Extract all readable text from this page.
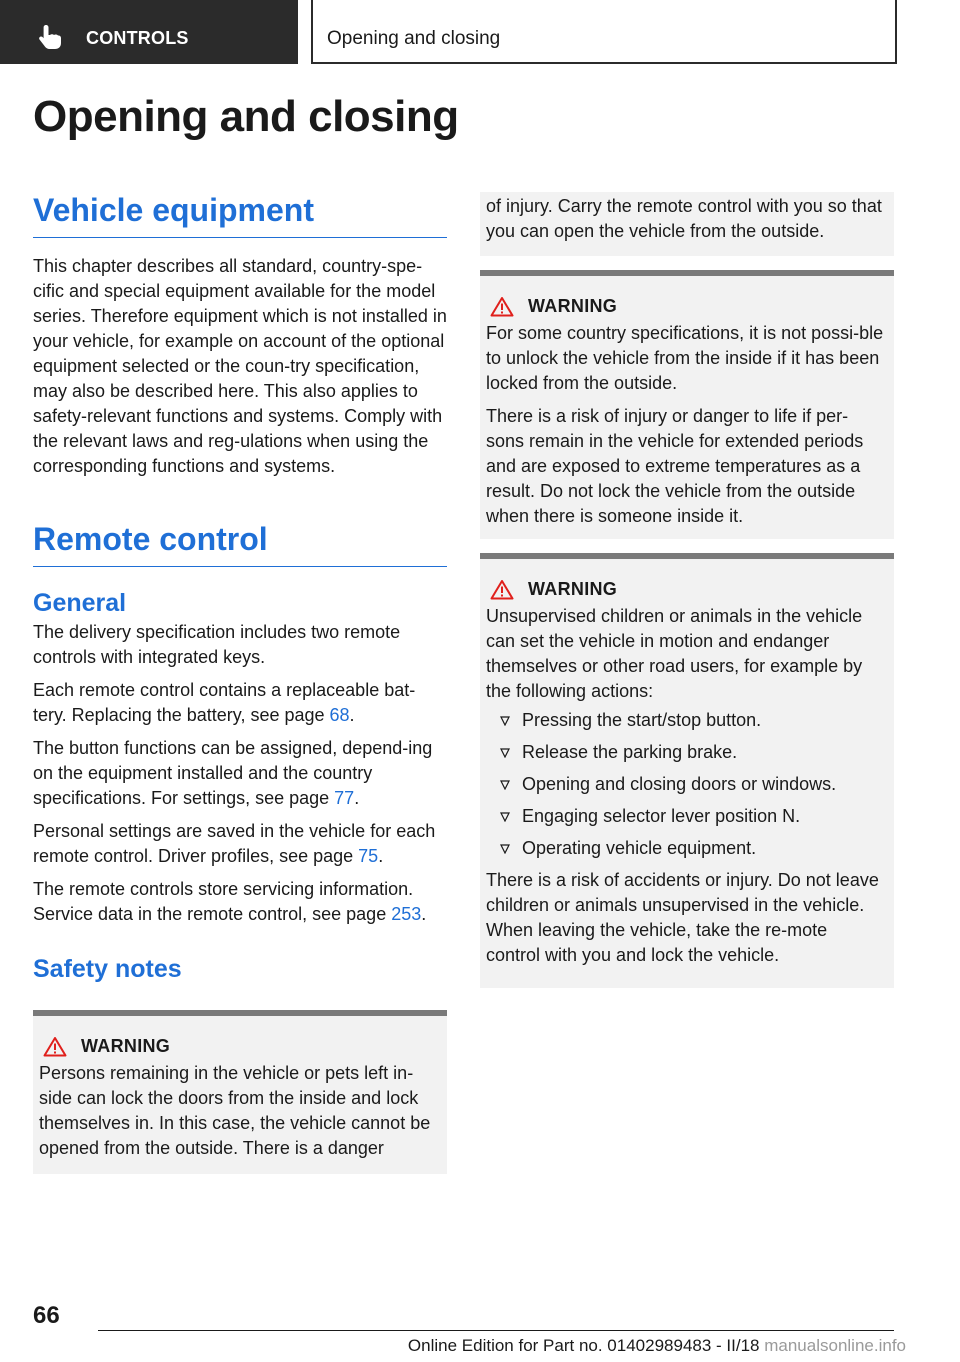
CONTROLS	Opening and closing
Opening and closing
Vehicle equipment

This chapter describes all standard, country-spe-cific and special equipment available for the model series. Therefore equipment which is not installed in your vehicle, for example on account of the optional equipment selected or the coun-try specification, may also be described here. This also applies to safety-relevant functions and systems. Comply with the relevant laws and reg-ulations when using the corresponding functions and systems.

Remote control
General

The delivery specification includes two remote controls with integrated keys.

Each remote control contains a replaceable bat-tery. Replacing the battery, see page 68.

The button functions can be assigned, depend-ing on the equipment installed and the country specifications. For settings, see page 77.

Personal settings are saved in the vehicle for each remote control. Driver profiles, see page 75.

The remote controls store servicing information. Service data in the remote control, see page 253.

Safety notes
WARNING

Persons remaining in the vehicle or pets left in-side can lock the doors from the inside and lock themselves in. In this case, the vehicle cannot be opened from the outside. There is a danger

of injury. Carry the remote control with you so that you can open the vehicle from the outside.

WARNING

For some country specifications, it is not possi-ble to unlock the vehicle from the inside if it has been locked from the outside.

There is a risk of injury or danger to life if per-sons remain in the vehicle for extended periods and are exposed to extreme temperatures as a result. Do not lock the vehicle from the outside when there is someone inside it.

WARNING

Unsupervised children or animals in the vehicle can set the vehicle in motion and endanger themselves or other road users, for example by the following actions:

Pressing the start/stop button.
Release the parking brake.
Opening and closing doors or windows.
Engaging selector lever position N.
Operating vehicle equipment.

There is a risk of accidents or injury. Do not leave children or animals unsupervised in the vehicle. When leaving the vehicle, take the re-mote control with you and lock the vehicle.

66
Online Edition for Part no. 01402989483 - II/18 manualsonline.info
